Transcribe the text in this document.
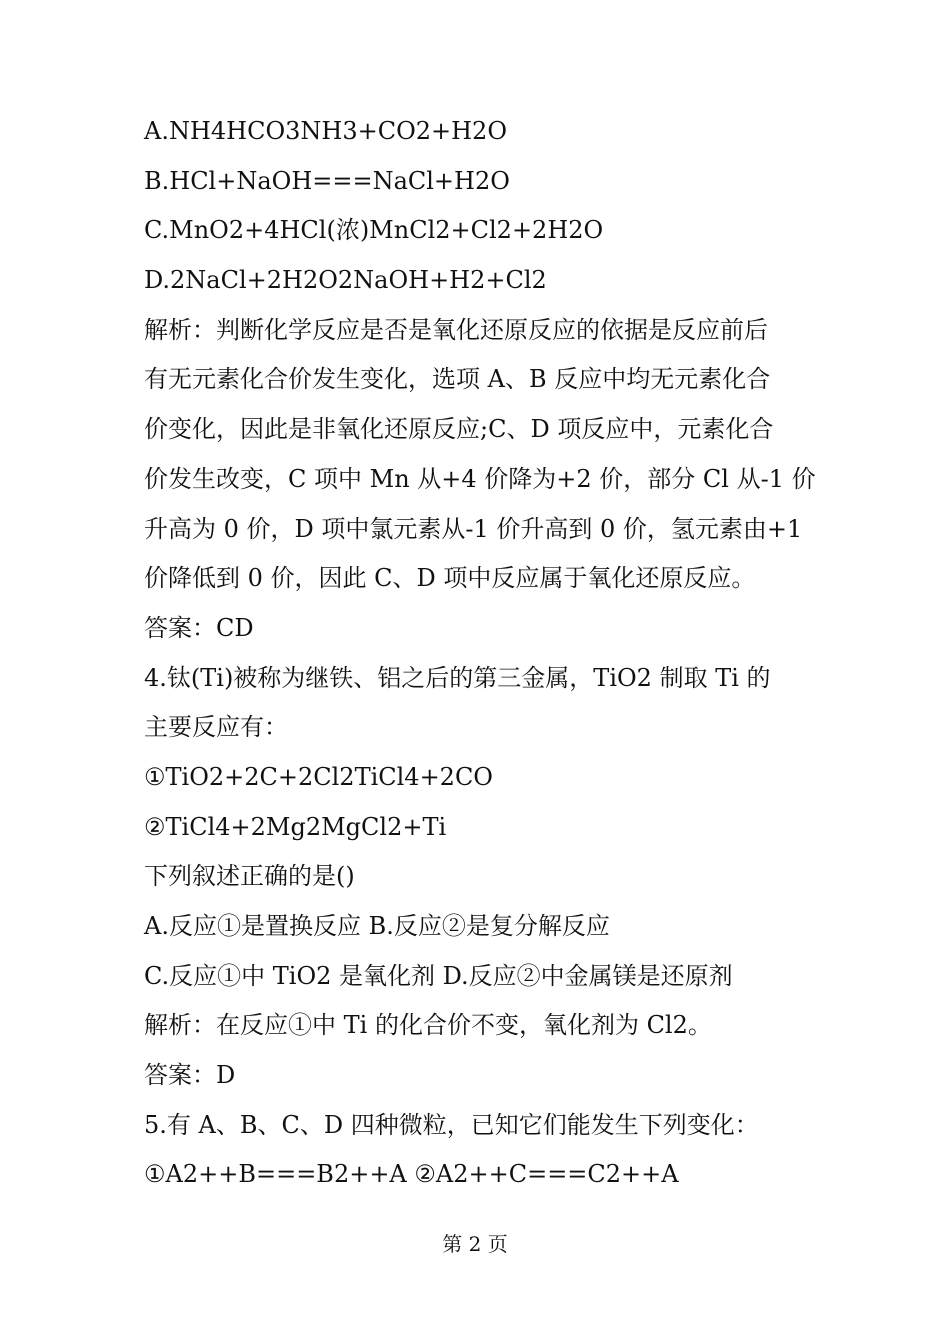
A.NH4HCO3NH3+CO2+H2O
B.HCl+NaOH===NaCl+H2O
C.MnO2+4HCl(浓)MnCl2+Cl2+2H2O
D.2NaCl+2H2O2NaOH+H2+Cl2
解析：判断化学反应是否是氧化还原反应的依据是反应前后
有无元素化合价发生变化，选项 A、B 反应中均无元素化合
价变化，因此是非氧化还原反应;C、D 项反应中，元素化合
价发生改变，C 项中 Mn 从+4 价降为+2 价，部分 Cl 从-1 价
升高为 0 价，D 项中氯元素从-1 价升高到 0 价，氢元素由+1
价降低到 0 价，因此 C、D 项中反应属于氧化还原反应。
答案：CD
4.钛(Ti)被称为继铁、铝之后的第三金属，TiO2 制取 Ti 的
主要反应有：
①TiO2+2C+2Cl2TiCl4+2CO
②TiCl4+2Mg2MgCl2+Ti
下列叙述正确的是()
A.反应①是置换反应 B.反应②是复分解反应
C.反应①中 TiO2 是氧化剂 D.反应②中金属镁是还原剂
解析：在反应①中 Ti 的化合价不变，氧化剂为 Cl2。
答案：D
5.有 A、B、C、D 四种微粒，已知它们能发生下列变化：
①A2++B===B2++A ②A2++C===C2++A
第 2 页
